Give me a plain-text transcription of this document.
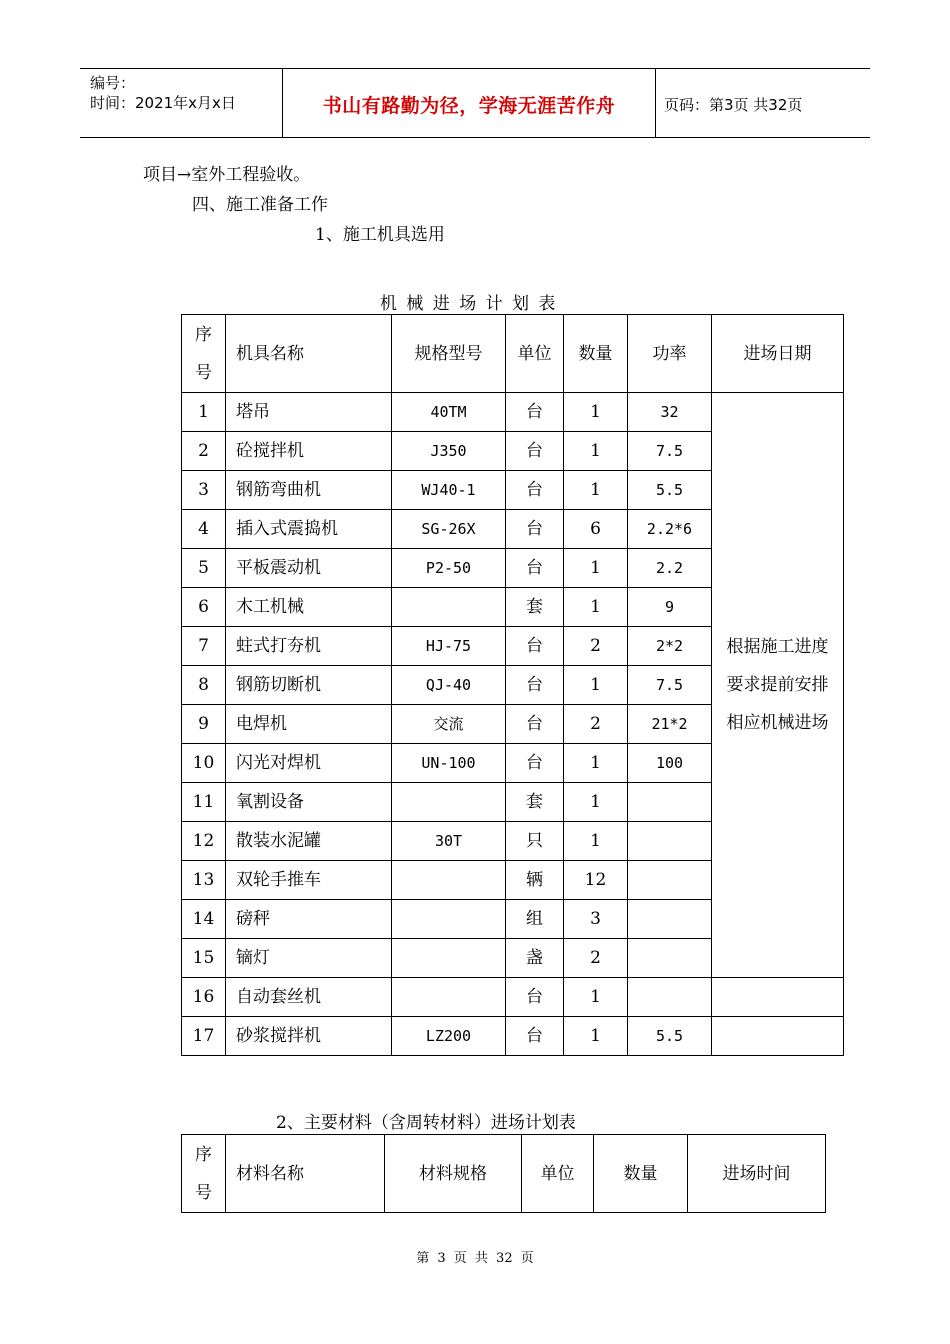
编号：
时间：2021年x月x日	书山有路勤为径，学海无涯苦作舟	页码：第3页 共32页
项目→室外工程验收。
四、施工准备工作
1、施工机具选用
机 械 进 场 计 划 表
序号	机具名称	规格型号	单位	数量	功率	进场日期
1	塔吊	40TM	台	1	32	根据施工进度
要求提前安排
相应机械进场

2	砼搅拌机	J350	台	1	7.5	
3	钢筋弯曲机	WJ40-1	台	1	5.5	
4	插入式震捣机	SG-26X	台	6	2.2*6	
5	平板震动机	P2-50	台	1	2.2	
6	木工机械		套	1	9	
7	蛀式打夯机	HJ-75	台	2	2*2	
8	钢筋切断机	QJ-40	台	1	7.5	
9	电焊机	交流	台	2	21*2	
10	闪光对焊机	UN-100	台	1	100	
11	氧割设备		套	1		
12	散装水泥罐	30T	只	1		
13	双轮手推车		辆	12		
14	磅秤		组	3		
15	镝灯		盏	2		
16	自动套丝机		台	1		
17	砂浆搅拌机	LZ200	台	1	5.5	
2、主要材料（含周转材料）进场计划表
序号	材料名称	材料规格	单位	数量	进场时间
第 3 页 共 32 页
